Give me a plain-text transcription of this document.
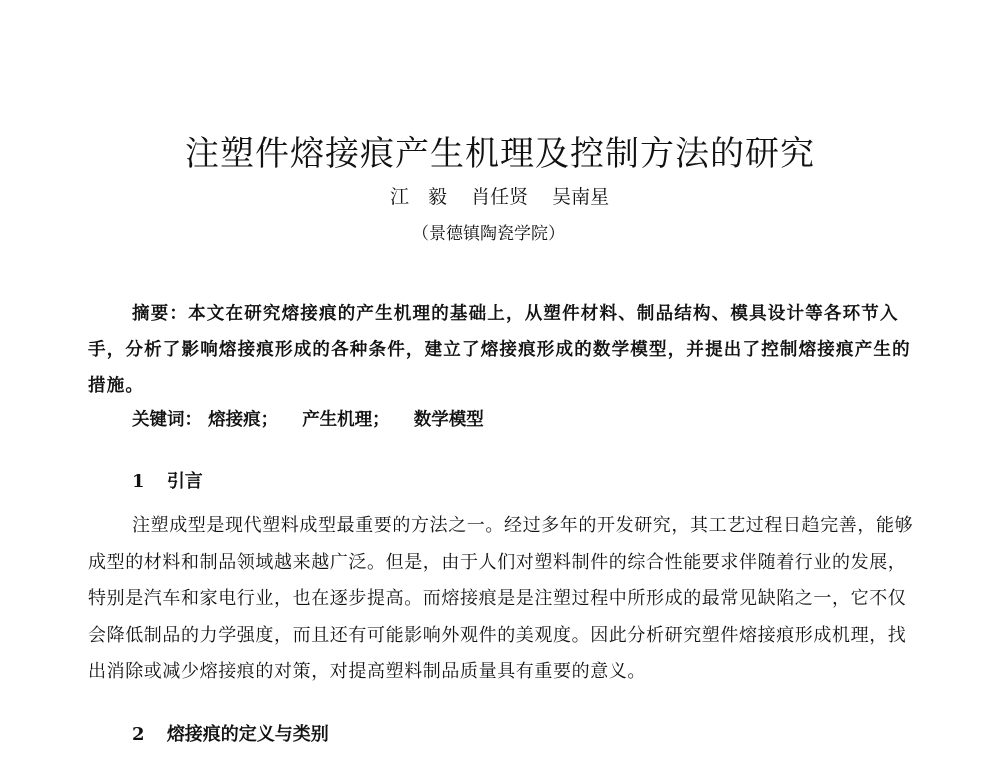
注塑件熔接痕产生机理及控制方法的研究
江　毅 肖任贤 吴南星
（景德镇陶瓷学院）

摘要：本文在研究熔接痕的产生机理的基础上，从塑件材料、制品结构、模具设计等各环节入手，分析了影响熔接痕形成的各种条件，建立了熔接痕形成的数学模型，并提出了控制熔接痕产生的措施。

关键词： 熔接痕； 产生机理； 数学模型
1 引言

注塑成型是现代塑料成型最重要的方法之一。经过多年的开发研究，其工艺过程日趋完善，能够成型的材料和制品领域越来越广泛。但是，由于人们对塑料制件的综合性能要求伴随着行业的发展，特别是汽车和家电行业，也在逐步提高。而熔接痕是是注塑过程中所形成的最常见缺陷之一，它不仅会降低制品的力学强度，而且还有可能影响外观件的美观度。因此分析研究塑件熔接痕形成机理，找出消除或减少熔接痕的对策，对提高塑料制品质量具有重要的意义。

2 熔接痕的定义与类别
